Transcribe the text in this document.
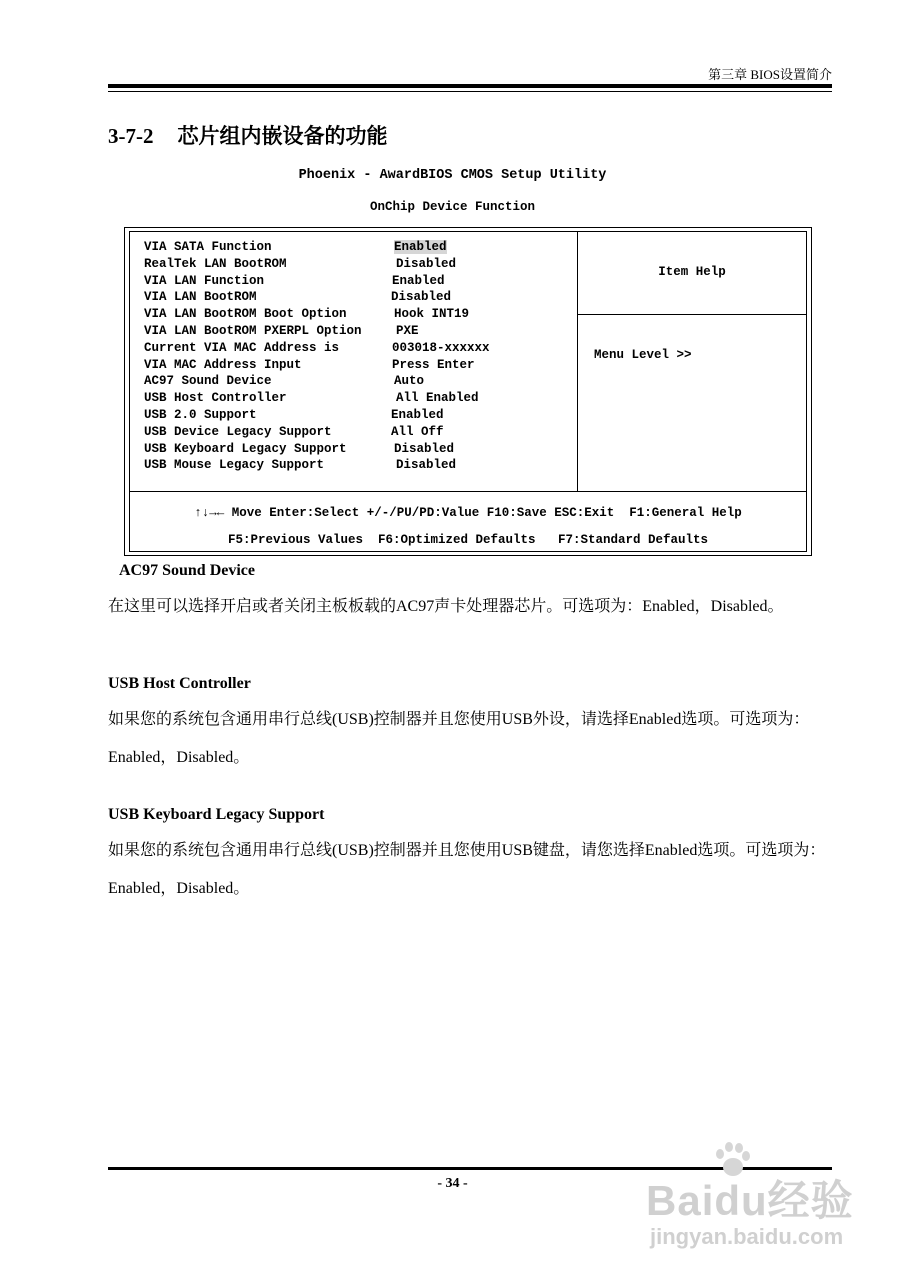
第三章 BIOS设置简介
3-7-2 芯片组内嵌设备的功能
Phoenix - AwardBIOS CMOS Setup Utility
OnChip Device Function
VIA SATA Function	Enabled
RealTek LAN BootROM	Disabled
VIA LAN Function	Enabled
VIA LAN BootROM	Disabled
VIA LAN BootROM Boot Option	Hook INT19
VIA LAN BootROM PXERPL Option	PXE
Current VIA MAC Address is	003018-xxxxxx
VIA MAC Address Input	Press Enter
AC97 Sound Device	Auto
USB Host Controller	All Enabled
USB 2.0 Support	Enabled
USB Device Legacy Support	All Off
USB Keyboard Legacy Support	Disabled
USB Mouse Legacy Support	Disabled
Item Help
Menu Level >>
↑↓→← Move Enter:Select +/-/PU/PD:Value F10:Save ESC:Exit  F1:General Help
F5:Previous Values  F6:Optimized Defaults   F7:Standard Defaults
AC97 Sound Device

在这里可以选择开启或者关闭主板板载的AC97声卡处理器芯片。可选项为：Enabled，Disabled。

USB Host Controller

如果您的系统包含通用串行总线(USB)控制器并且您使用USB外设，请选择Enabled选项。可选项为：Enabled，Disabled。

USB Keyboard Legacy Support

如果您的系统包含通用串行总线(USB)控制器并且您使用USB键盘，请您选择Enabled选项。可选项为：Enabled，Disabled。

- 34 -	Baidu经验
jingyan.baidu.com
